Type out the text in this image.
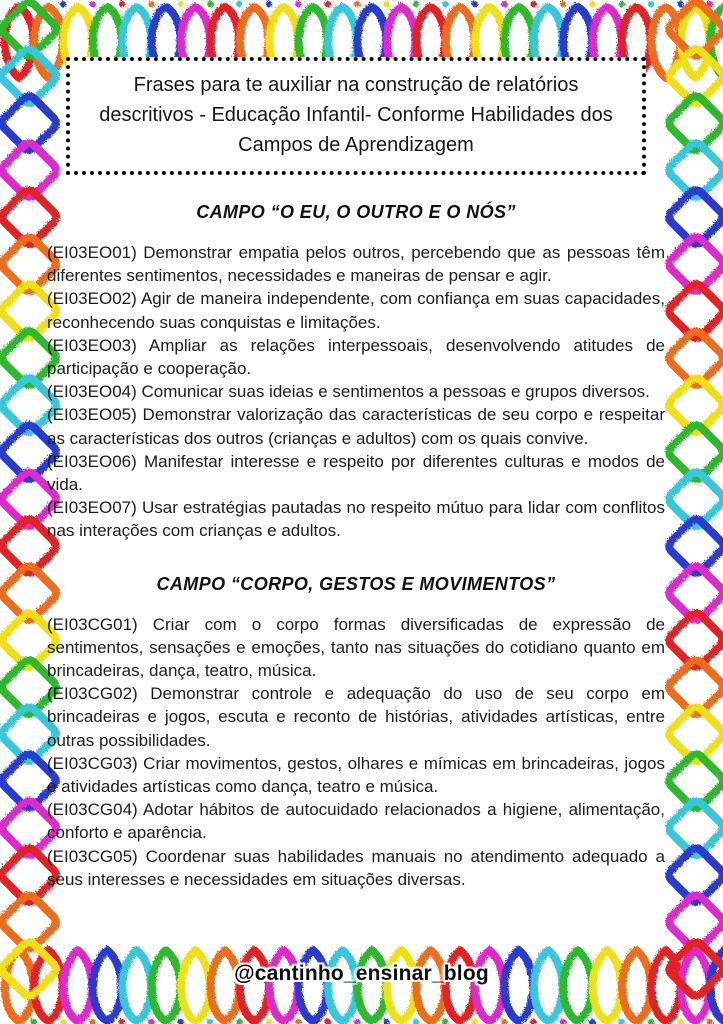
Frases para te auxiliar na construção de relatórios descritivos - Educação Infantil- Conforme Habilidades dos Campos de Aprendizagem
CAMPO “O EU, O OUTRO E O NÓS”

(EI03EO01) Demonstrar empatia pelos outros, percebendo que as pessoas têm diferentes sentimentos, necessidades e maneiras de pensar e agir.

(EI03EO02) Agir de maneira independente, com confiança em suas capacidades, reconhecendo suas conquistas e limitações.

(EI03EO03) Ampliar as relações interpessoais, desenvolvendo atitudes de participação e cooperação.

(EI03EO04) Comunicar suas ideias e sentimentos a pessoas e grupos diversos.

(EI03EO05) Demonstrar valorização das características de seu corpo e respeitar as características dos outros (crianças e adultos) com os quais convive.

(EI03EO06) Manifestar interesse e respeito por diferentes culturas e modos de vida.

(EI03EO07) Usar estratégias pautadas no respeito mútuo para lidar com conflitos nas interações com crianças e adultos.

CAMPO “CORPO, GESTOS E MOVIMENTOS”

(EI03CG01) Criar com o corpo formas diversificadas de expressão de sentimentos, sensações e emoções, tanto nas situações do cotidiano quanto em brincadeiras, dança, teatro, música.

(EI03CG02) Demonstrar controle e adequação do uso de seu corpo em brincadeiras e jogos, escuta e reconto de histórias, atividades artísticas, entre outras possibilidades.

(EI03CG03) Criar movimentos, gestos, olhares e mímicas em brincadeiras, jogos e atividades artísticas como dança, teatro e música.

(EI03CG04) Adotar hábitos de autocuidado relacionados a higiene, alimentação, conforto e aparência.

(EI03CG05) Coordenar suas habilidades manuais no atendimento adequado a seus interesses e necessidades em situações diversas.

@cantinho_ensinar_blog
